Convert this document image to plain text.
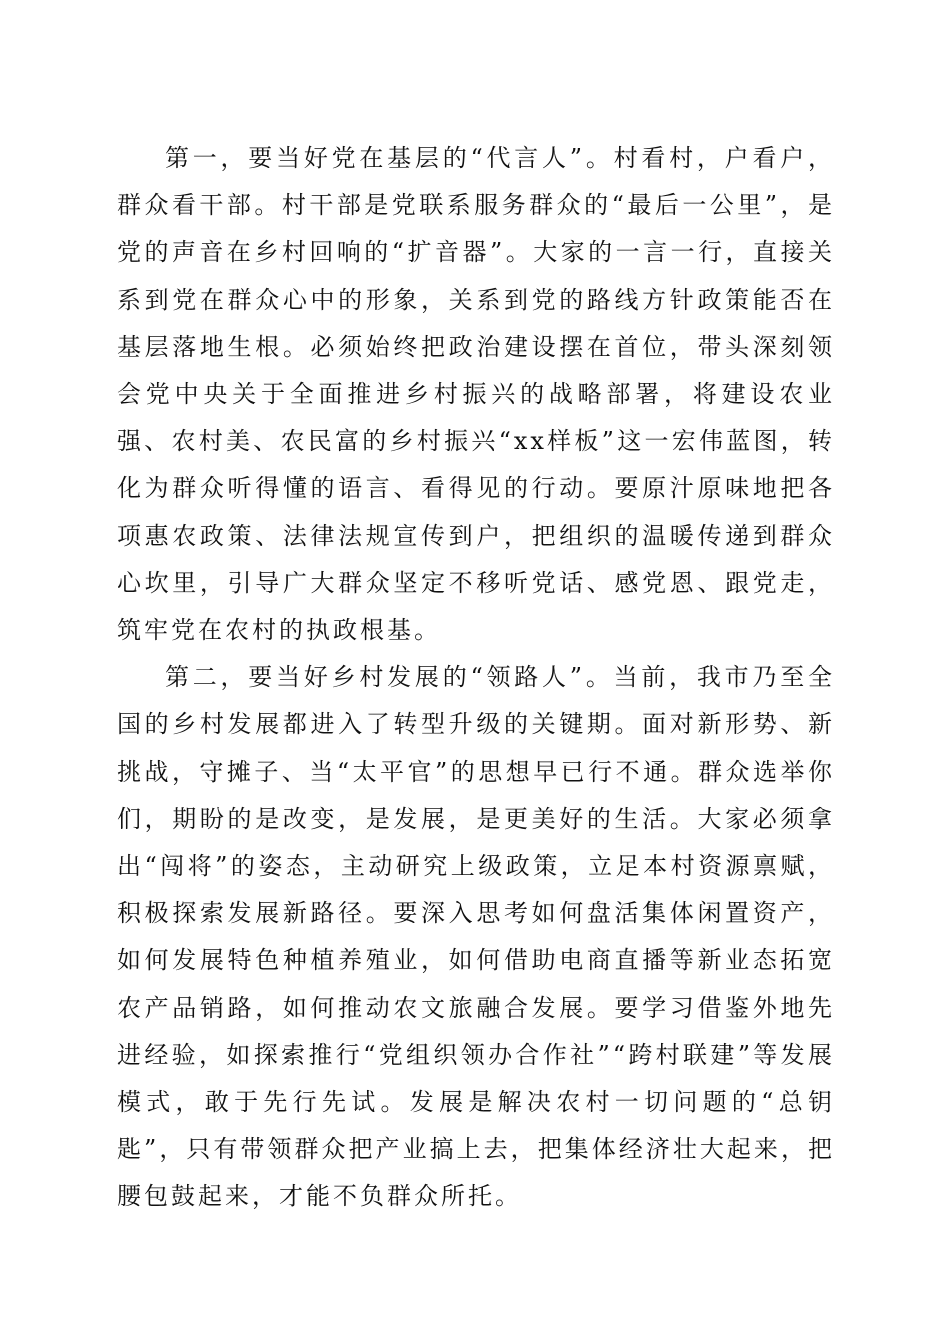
第一，要当好党在基层的“代言人”。村看村，户看户，群众看干部。村干部是党联系服务群众的“最后一公里”，是党的声音在乡村回响的“扩音器”。大家的一言一行，直接关系到党在群众心中的形象，关系到党的路线方针政策能否在基层落地生根。必须始终把政治建设摆在首位，带头深刻领会党中央关于全面推进乡村振兴的战略部署，将建设农业强、农村美、农民富的乡村振兴“xx样板”这一宏伟蓝图，转化为群众听得懂的语言、看得见的行动。要原汁原味地把各项惠农政策、法律法规宣传到户，把组织的温暖传递到群众心坎里，引导广大群众坚定不移听党话、感党恩、跟党走，筑牢党在农村的执政根基。

第二，要当好乡村发展的“领路人”。当前，我市乃至全国的乡村发展都进入了转型升级的关键期。面对新形势、新挑战，守摊子、当“太平官”的思想早已行不通。群众选举你们，期盼的是改变，是发展，是更美好的生活。大家必须拿出“闯将”的姿态，主动研究上级政策，立足本村资源禀赋，积极探索发展新路径。要深入思考如何盘活集体闲置资产，如何发展特色种植养殖业，如何借助电商直播等新业态拓宽农产品销路，如何推动农文旅融合发展。要学习借鉴外地先进经验，如探索推行“党组织领办合作社”“跨村联建”等发展模式，敢于先行先试。发展是解决农村一切问题的“总钥匙”，只有带领群众把产业搞上去，把集体经济壮大起来，把腰包鼓起来，才能不负群众所托。
